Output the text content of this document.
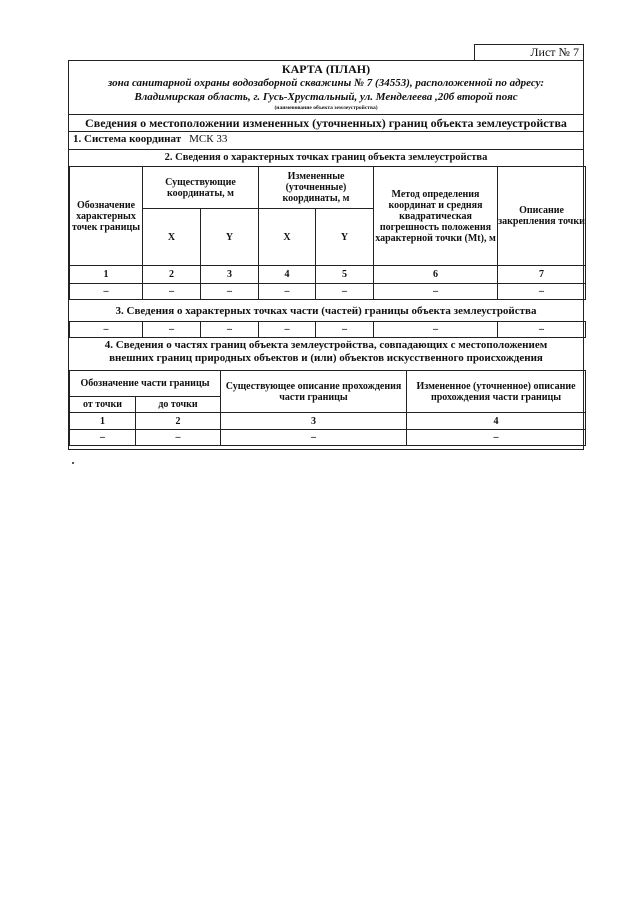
Лист № 7
КАРТА (ПЛАН)
зона санитарной охраны водозаборной скважины № 7 (34553), расположенной по адресу:
Владимирская область, г. Гусь-Хрустальный, ул. Менделеева ,20б второй пояс
(наименование объекта землеустройства)
Сведения о местоположении измененных (уточненных) границ объекта землеустройства
1. Система координат МСК 33
2. Сведения о характерных точках границ объекта землеустройства
Обозначение характерных точек границы	Существующие координаты, м		Измененные (уточненные) координаты, м		Метод определения координат и средняя квадратическая погрешность положения характерной точки (Mt), м	Описание закрепления точки
	X	Y	X	Y		
1	2	3	4	5	6	7
–	–	–	–	–	–	–
3. Сведения о характерных точках части (частей) границы объекта землеустройства
–	–	–	–	–	–	–
4. Сведения о частях границ объекта землеустройства, совпадающих с местоположением
внешних границ природных объектов и (или) объектов искусственного происхождения
Обозначение части границы		Существующее описание прохождения части границы	Измененное (уточненное) описание прохождения части границы
от точки	до точки		
1	2	3	4
–	–	–	–
